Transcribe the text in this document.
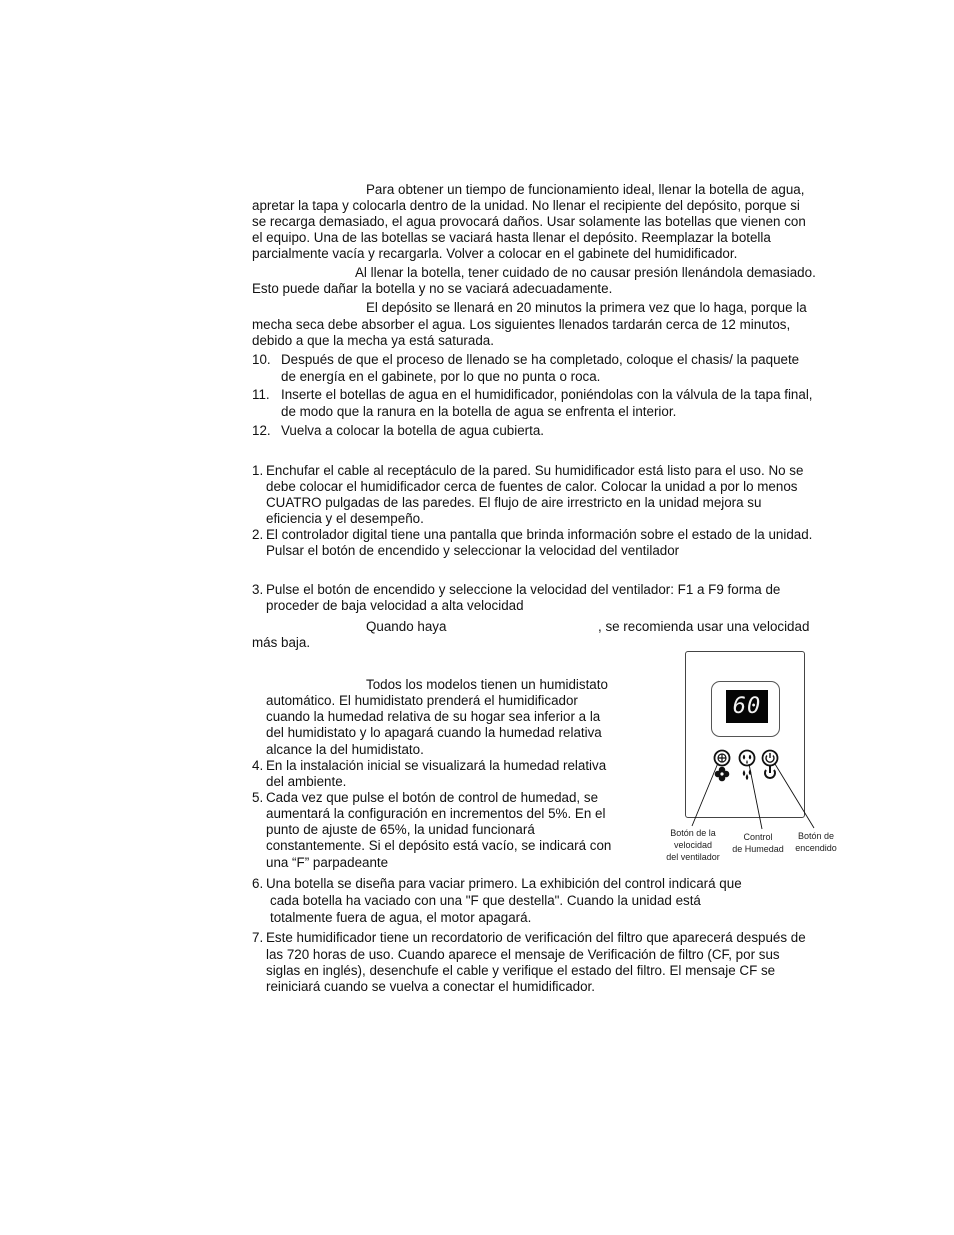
Para obtener un tiempo de funcionamiento ideal, llenar la botella de agua,
apretar la tapa y colocarla dentro de la unidad. No llenar el recipiente del depósito, porque si
se recarga demasiado, el agua provocará daños. Usar solamente las botellas que vienen con
el equipo. Una de las botellas se vaciará hasta llenar el depósito. Reemplazar la botella
parcialmente vacía y recargarla. Volver a colocar en el gabinete del humidificador.
Al llenar la botella, tener cuidado de no causar presión llenándola demasiado.
Esto puede dañar la botella y no se vaciará adecuadamente.
El depósito se llenará en 20 minutos la primera vez que lo haga, porque la
mecha seca debe absorber el agua. Los siguientes llenados tardarán cerca de 12 minutos,
debido a que la mecha ya está saturada.
10. Después de que el proceso de llenado se ha completado, coloque el chasis/ la paquete
de energía en el gabinete, por lo que no punta o roca.
11. Inserte el botellas de agua en el humidificador, poniéndolas con la válvula de la tapa final,
de modo que la ranura en la botella de agua se enfrenta el interior.
12. Vuelva a colocar la botella de agua cubierta.
1. Enchufar el cable al receptáculo de la pared. Su humidificador está listo para el uso. No se
debe colocar el humidificador cerca de fuentes de calor. Colocar la unidad a por lo menos
CUATRO pulgadas de las paredes. El flujo de aire irrestricto en la unidad mejora su
eficiencia y el desempeño.
2. El controlador digital tiene una pantalla que brinda información sobre el estado de la unidad.
Pulsar el botón de encendido y seleccionar la velocidad del ventilador
3. Pulse el botón de encendido y seleccione la velocidad del ventilador: F1 a F9 forma de
proceder de baja velocidad a alta velocidad
Quando haya	, se recomienda usar una velocidad
más baja.
Todos los modelos tienen un humidistato
automático. El humidistato prenderá el humidificador
cuando la humedad relativa de su hogar sea inferior a la
del humidistato y lo apagará cuando la humedad relativa
alcance la del humidistato.
4. En la instalación inicial se visualizará la humedad relativa
del ambiente.
5. Cada vez que pulse el botón de control de humedad, se
aumentará la configuración en incrementos del 5%. En el
punto de ajuste de 65%, la unidad funcionará
constantemente. Si el depósito está vacío, se indicará con
una “F” parpadeante
6. Una botella se diseña para vaciar primero. La exhibición del control indicará que
cada botella ha vaciado con una "F que destella". Cuando la unidad está
totalmente fuera de agua, el motor apagará.
7. Este humidificador tiene un recordatorio de verificación del filtro que aparecerá después de
las 720 horas de uso. Cuando aparece el mensaje de Verificación de filtro (CF, por sus
siglas en inglés), desenchufe el cable y verifique el estado del filtro. El mensaje CF se
reiniciará cuando se vuelva a conectar el humidificador.
60
Botón de la
velocidad
del ventilador
Control
de Humedad
Botón de
encendido
